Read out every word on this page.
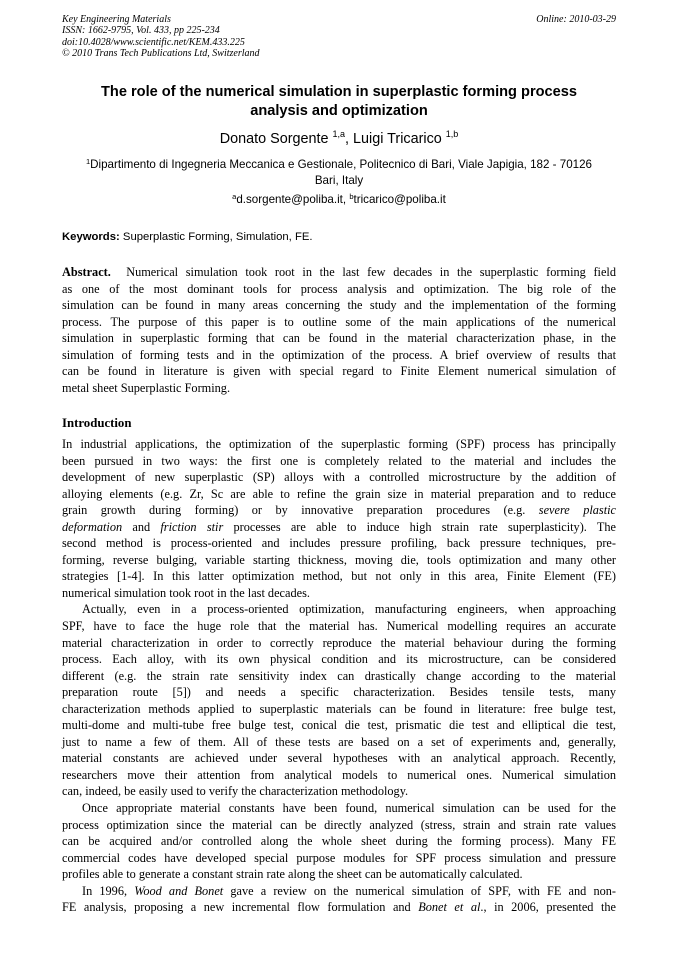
Key Engineering Materials
ISSN: 1662-9795, Vol. 433, pp 225-234
doi:10.4028/www.scientific.net/KEM.433.225
© 2010 Trans Tech Publications Ltd, Switzerland
Online: 2010-03-29
The role of the numerical simulation in superplastic forming process
analysis and optimization
Donato Sorgente $^{1,a}$, Luigi Tricarico $^{1,b}$
$^1$Dipartimento di Ingegneria Meccanica e Gestionale, Politecnico di Bari, Viale Japigia, 182 - 70126
Bari, Italy
$^a$d.sorgente@poliba.it, $^b$tricarico@poliba.it
Keywords: Superplastic Forming, Simulation, FE.
Abstract. Numerical simulation took root in the last few decades in the superplastic forming field
as one of the most dominant tools for process analysis and optimization. The big role of the
simulation can be found in many areas concerning the study and the implementation of the forming
process. The purpose of this paper is to outline some of the main applications of the numerical
simulation in superplastic forming that can be found in the material characterization phase, in the
simulation of forming tests and in the optimization of the process. A brief overview of results that
can be found in literature is given with special regard to Finite Element numerical simulation of
metal sheet Superplastic Forming.
Introduction
In industrial applications, the optimization of the superplastic forming (SPF) process has principally
been pursued in two ways: the first one is completely related to the material and includes the
development of new superplastic (SP) alloys with a controlled microstructure by the addition of
alloying elements (e.g. Zr, Sc are able to refine the grain size in material preparation and to reduce
grain growth during forming) or by innovative preparation procedures (e.g. severe plastic
deformation and friction stir processes are able to induce high strain rate superplasticity). The
second method is process-oriented and includes pressure profiling, back pressure techniques, pre-
forming, reverse bulging, variable starting thickness, moving die, tools optimization and many other
strategies [1-4]. In this latter optimization method, but not only in this area, Finite Element (FE)
numerical simulation took root in the last decades.
Actually, even in a process-oriented optimization, manufacturing engineers, when approaching
SPF, have to face the huge role that the material has. Numerical modelling requires an accurate
material characterization in order to correctly reproduce the material behaviour during the forming
process. Each alloy, with its own physical condition and its microstructure, can be considered
different (e.g. the strain rate sensitivity index can drastically change according to the material
preparation route [5]) and needs a specific characterization. Besides tensile tests, many
characterization methods applied to superplastic materials can be found in literature: free bulge test,
multi-dome and multi-tube free bulge test, conical die test, prismatic die test and elliptical die test,
just to name a few of them. All of these tests are based on a set of experiments and, generally,
material constants are achieved under several hypotheses with an analytical approach. Recently,
researchers move their attention from analytical models to numerical ones. Numerical simulation
can, indeed, be easily used to verify the characterization methodology.
Once appropriate material constants have been found, numerical simulation can be used for the
process optimization since the material can be directly analyzed (stress, strain and strain rate values
can be acquired and/or controlled along the whole sheet during the forming process). Many FE
commercial codes have developed special purpose modules for SPF process simulation and pressure
profiles able to generate a constant strain rate along the sheet can be automatically calculated.
In 1996, Wood and Bonet gave a review on the numerical simulation of SPF, with FE and non-
FE analysis, proposing a new incremental flow formulation and Bonet et al., in 2006, presented the
